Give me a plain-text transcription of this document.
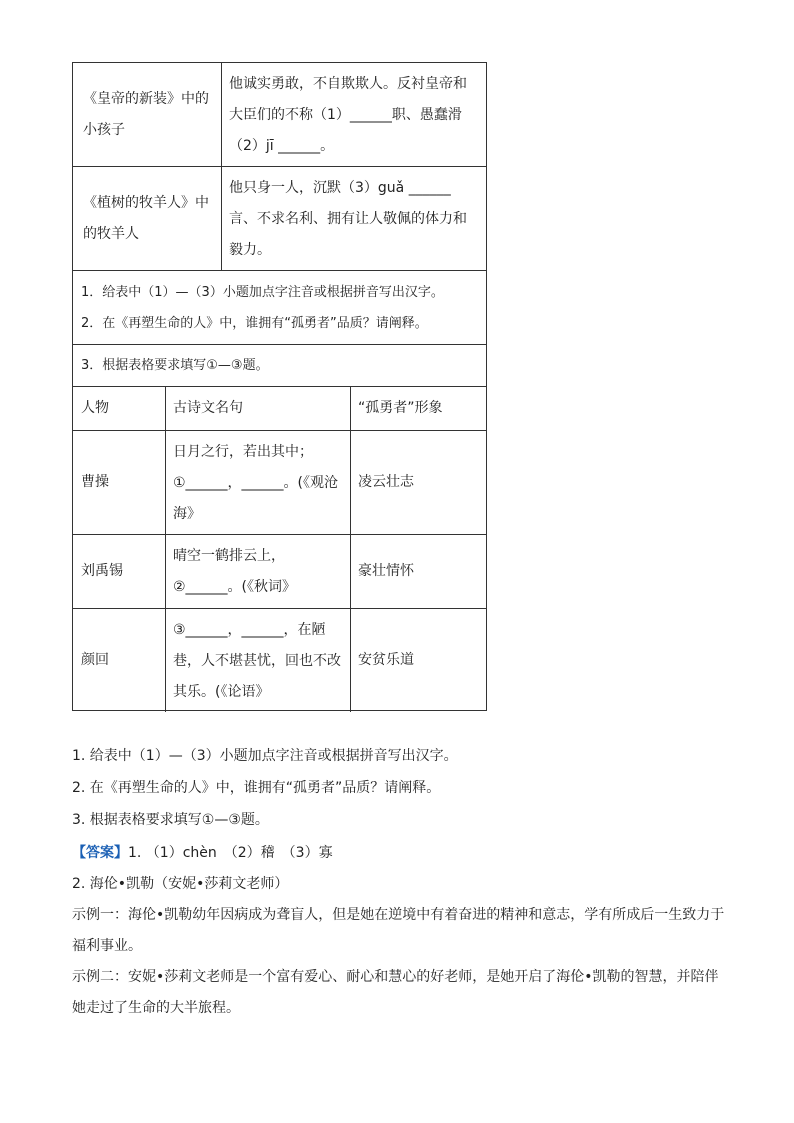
《皇帝的新装》中的小孩子
他诚实勇敢，不自欺欺人。反衬皇帝和大臣们的不称（1）______职、愚蠢滑（2）jī ______。
《植树的牧羊人》中的牧羊人
他只身一人，沉默（3）guǎ ______言、不求名利、拥有让人敬佩的体力和毅力。
1．给表中（1）—（3）小题加点字注音或根据拼音写出汉字。
2．在《再塑生命的人》中，谁拥有“孤勇者”品质？请阐释。
3．根据表格要求填写①—③题。
人物	古诗文名句	“孤勇者”形象
曹操
日月之行，若出其中；①______，______。(《观沧海》
凌云壮志
刘禹锡
晴空一鹤排云上，②______。(《秋词》
豪壮情怀
颜回
③______，______，在陋巷，人不堪甚忧，回也不改其乐。(《论语》
安贫乐道
1. 给表中（1）—（3）小题加点字注音或根据拼音写出汉字。
2. 在《再塑生命的人》中，谁拥有“孤勇者”品质？请阐释。
3. 根据表格要求填写①—③题。
【答案】1. （1）chèn　（2）稽　（3）寡
2. 海伦•凯勒（安妮•莎莉文老师）
示例一：海伦•凯勒幼年因病成为聋盲人，但是她在逆境中有着奋进的精神和意志，学有所成后一生致力于福利事业。
示例二：安妮•莎莉文老师是一个富有爱心、耐心和慧心的好老师，是她开启了海伦•凯勒的智慧，并陪伴她走过了生命的大半旅程。
